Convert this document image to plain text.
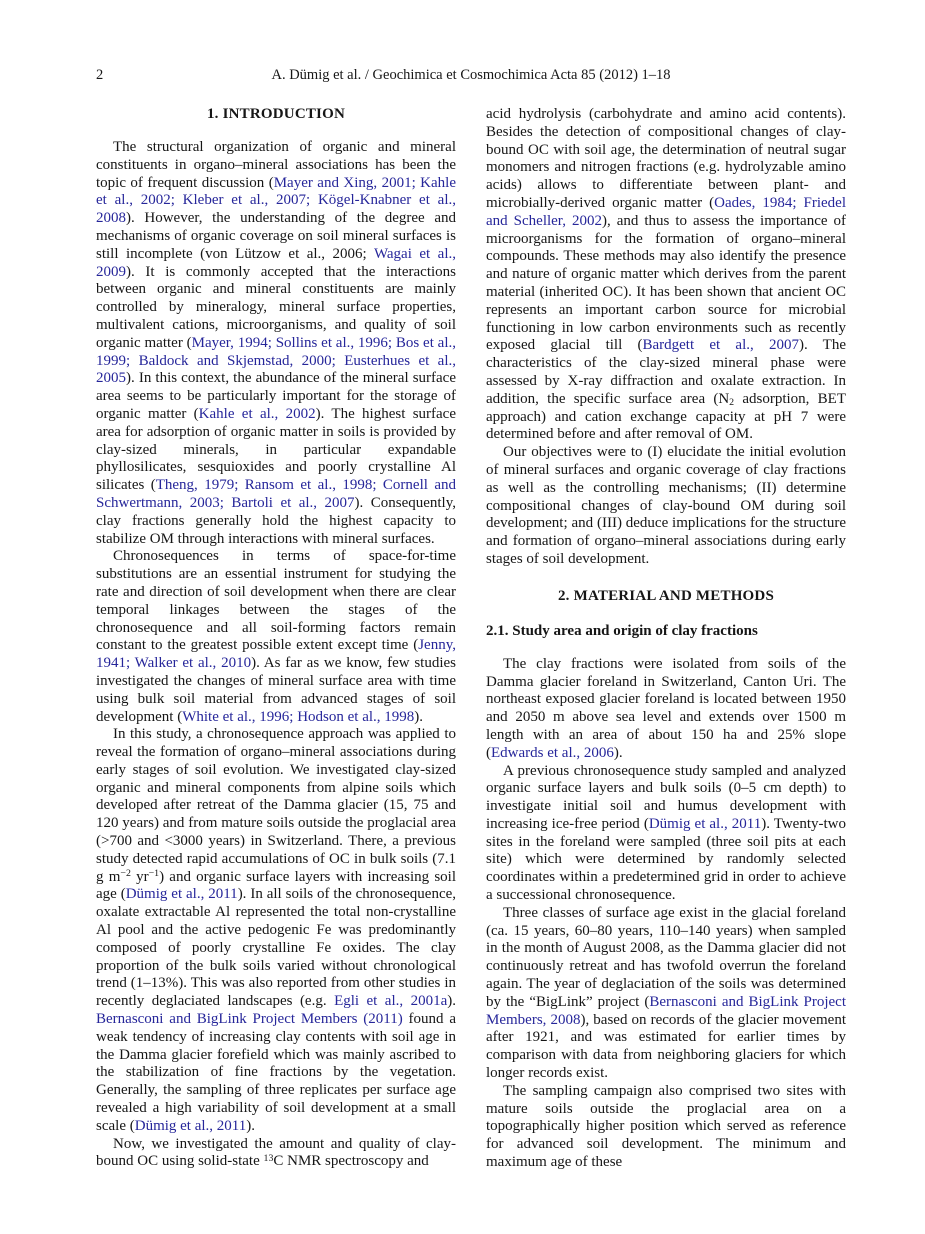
2	A. Dümig et al. / Geochimica et Cosmochimica Acta 85 (2012) 1–18
1. INTRODUCTION

The structural organization of organic and mineral constituents in organo–mineral associations has been the topic of frequent discussion (Mayer and Xing, 2001; Kahle et al., 2002; Kleber et al., 2007; Kögel-Knabner et al., 2008). However, the understanding of the degree and mechanisms of organic coverage on soil mineral surfaces is still incomplete (von Lützow et al., 2006; Wagai et al., 2009). It is commonly accepted that the interactions between organic and mineral constituents are mainly controlled by mineralogy, mineral surface properties, multivalent cations, microorganisms, and quality of soil organic matter (Mayer, 1994; Sollins et al., 1996; Bos et al., 1999; Baldock and Skjemstad, 2000; Eusterhues et al., 2005). In this context, the abundance of the mineral surface area seems to be particularly important for the storage of organic matter (Kahle et al., 2002). The highest surface area for adsorption of organic matter in soils is provided by clay-sized minerals, in particular expandable phyllosilicates, sesquioxides and poorly crystalline Al silicates (Theng, 1979; Ransom et al., 1998; Cornell and Schwertmann, 2003; Bartoli et al., 2007). Consequently, clay fractions generally hold the highest capacity to stabilize OM through interactions with mineral surfaces.

Chronosequences in terms of space-for-time substitutions are an essential instrument for studying the rate and direction of soil development when there are clear temporal linkages between the stages of the chronosequence and all soil-forming factors remain constant to the greatest possible extent except time (Jenny, 1941; Walker et al., 2010). As far as we know, few studies investigated the changes of mineral surface area with time using bulk soil material from advanced stages of soil development (White et al., 1996; Hodson et al., 1998).

In this study, a chronosequence approach was applied to reveal the formation of organo–mineral associations during early stages of soil evolution. We investigated clay-sized organic and mineral components from alpine soils which developed after retreat of the Damma glacier (15, 75 and 120 years) and from mature soils outside the proglacial area (>700 and <3000 years) in Switzerland. There, a previous study detected rapid accumulations of OC in bulk soils (7.1 g $m^{-2}$ $yr^{-1}$) and organic surface layers with increasing soil age (Dümig et al., 2011). In all soils of the chronosequence, oxalate extractable Al represented the total non-crystalline Al pool and the active pedogenic Fe was predominantly composed of poorly crystalline Fe oxides. The clay proportion of the bulk soils varied without chronological trend (1–13%). This was also reported from other studies in recently deglaciated landscapes (e.g. Egli et al., 2001a). Bernasconi and BigLink Project Members (2011) found a weak tendency of increasing clay contents with soil age in the Damma glacier forefield which was mainly ascribed to the stabilization of fine fractions by the vegetation. Generally, the sampling of three replicates per surface age revealed a high variability of soil development at a small scale (Dümig et al., 2011).

Now, we investigated the amount and quality of clay-bound OC using solid-state $^{13}$C NMR spectroscopy and

acid hydrolysis (carbohydrate and amino acid contents). Besides the detection of compositional changes of clay-bound OC with soil age, the determination of neutral sugar monomers and nitrogen fractions (e.g. hydrolyzable amino acids) allows to differentiate between plant- and microbially-derived organic matter (Oades, 1984; Friedel and Scheller, 2002), and thus to assess the importance of microorganisms for the formation of organo–mineral compounds. These methods may also identify the presence and nature of organic matter which derives from the parent material (inherited OC). It has been shown that ancient OC represents an important carbon source for microbial functioning in low carbon environments such as recently exposed glacial till (Bardgett et al., 2007). The characteristics of the clay-sized mineral phase were assessed by X-ray diffraction and oxalate extraction. In addition, the specific surface area ($N_2$ adsorption, BET approach) and cation exchange capacity at pH 7 were determined before and after removal of OM.

Our objectives were to (I) elucidate the initial evolution of mineral surfaces and organic coverage of clay fractions as well as the controlling mechanisms; (II) determine compositional changes of clay-bound OM during soil development; and (III) deduce implications for the structure and formation of organo–mineral associations during early stages of soil development.

2. MATERIAL AND METHODS
2.1. Study area and origin of clay fractions

The clay fractions were isolated from soils of the Damma glacier foreland in Switzerland, Canton Uri. The northeast exposed glacier foreland is located between 1950 and 2050 m above sea level and extends over 1500 m length with an area of about 150 ha and 25% slope (Edwards et al., 2006).

A previous chronosequence study sampled and analyzed organic surface layers and bulk soils (0–5 cm depth) to investigate initial soil and humus development with increasing ice-free period (Dümig et al., 2011). Twenty-two sites in the foreland were sampled (three soil pits at each site) which were determined by randomly selected coordinates within a predetermined grid in order to achieve a successional chronosequence.

Three classes of surface age exist in the glacial foreland (ca. 15 years, 60–80 years, 110–140 years) when sampled in the month of August 2008, as the Damma glacier did not continuously retreat and has twofold overrun the foreland again. The year of deglaciation of the soils was determined by the “BigLink” project (Bernasconi and BigLink Project Members, 2008), based on records of the glacier movement after 1921, and was estimated for earlier times by comparison with data from neighboring glaciers for which longer records exist.

The sampling campaign also comprised two sites with mature soils outside the proglacial area on a topographically higher position which served as reference for advanced soil development. The minimum and maximum age of these
